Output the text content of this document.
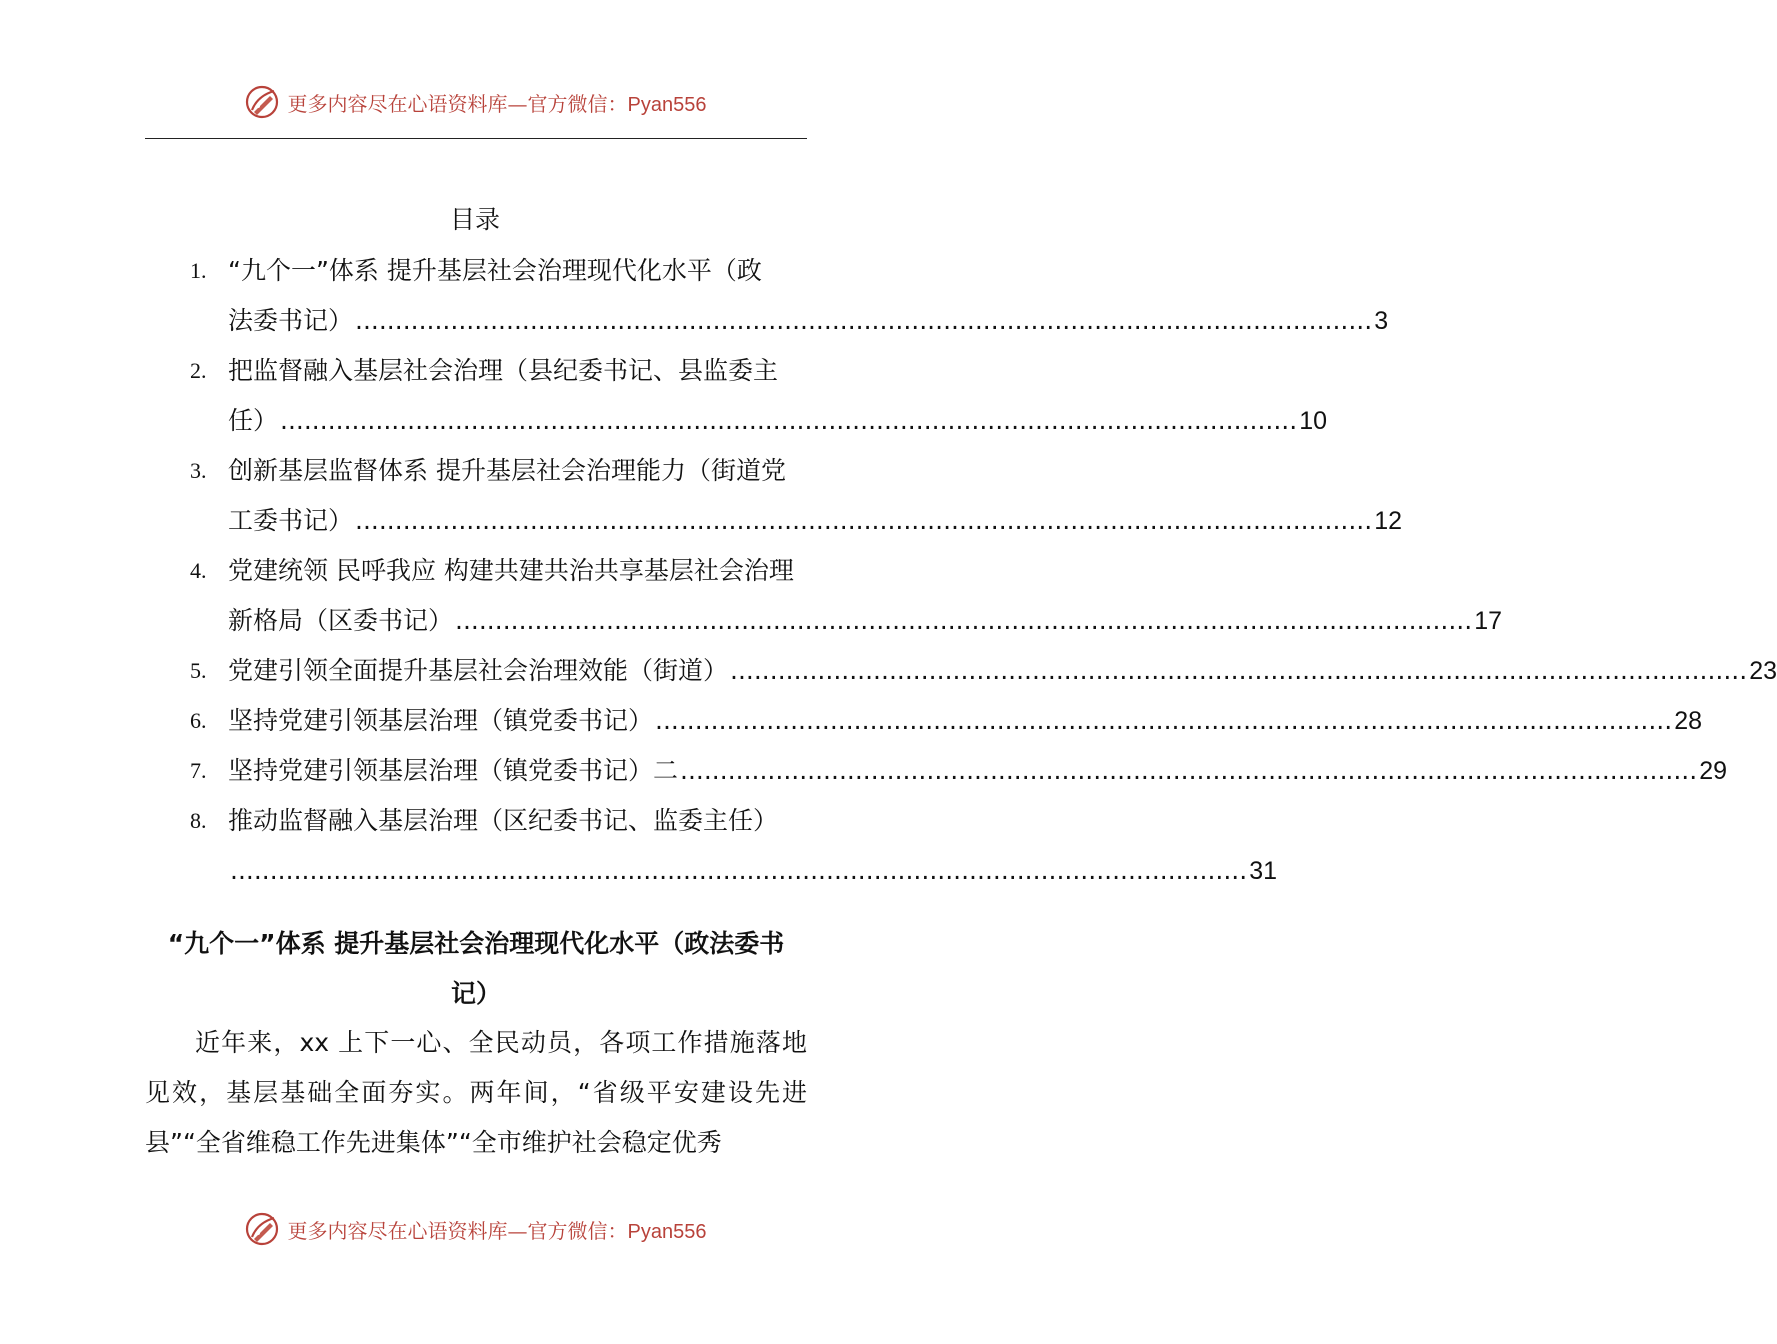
更多内容尽在心语资料库—官方微信：Pyan556
目录
1. “九个一”体系 提升基层社会治理现代化水平（政
法委书记） ................................................................................................................................ 3
2. 把监督融入基层社会治理（县纪委书记、县监委主
任） ................................................................................................................................ 10
3. 创新基层监督体系 提升基层社会治理能力（街道党
工委书记） ................................................................................................................................ 12
4. 党建统领 民呼我应 构建共建共治共享基层社会治理
新格局（区委书记） ................................................................................................................................ 17
5. 党建引领全面提升基层社会治理效能（街道） ................................................................................................................................ 23
6. 坚持党建引领基层治理（镇党委书记） ................................................................................................................................ 28
7. 坚持党建引领基层治理（镇党委书记）二 ................................................................................................................................ 29
8. 推动监督融入基层治理（区纪委书记、监委主任）
................................................................................................................................ 31
“九个一”体系 提升基层社会治理现代化水平（政法委书
记）
近年来，xx 上下一心、全民动员，各项工作措施落地见效，基层基础全面夯实。两年间，“省级平安建设先进县”“全省维稳工作先进集体”“全市维护社会稳定优秀
更多内容尽在心语资料库—官方微信：Pyan556
